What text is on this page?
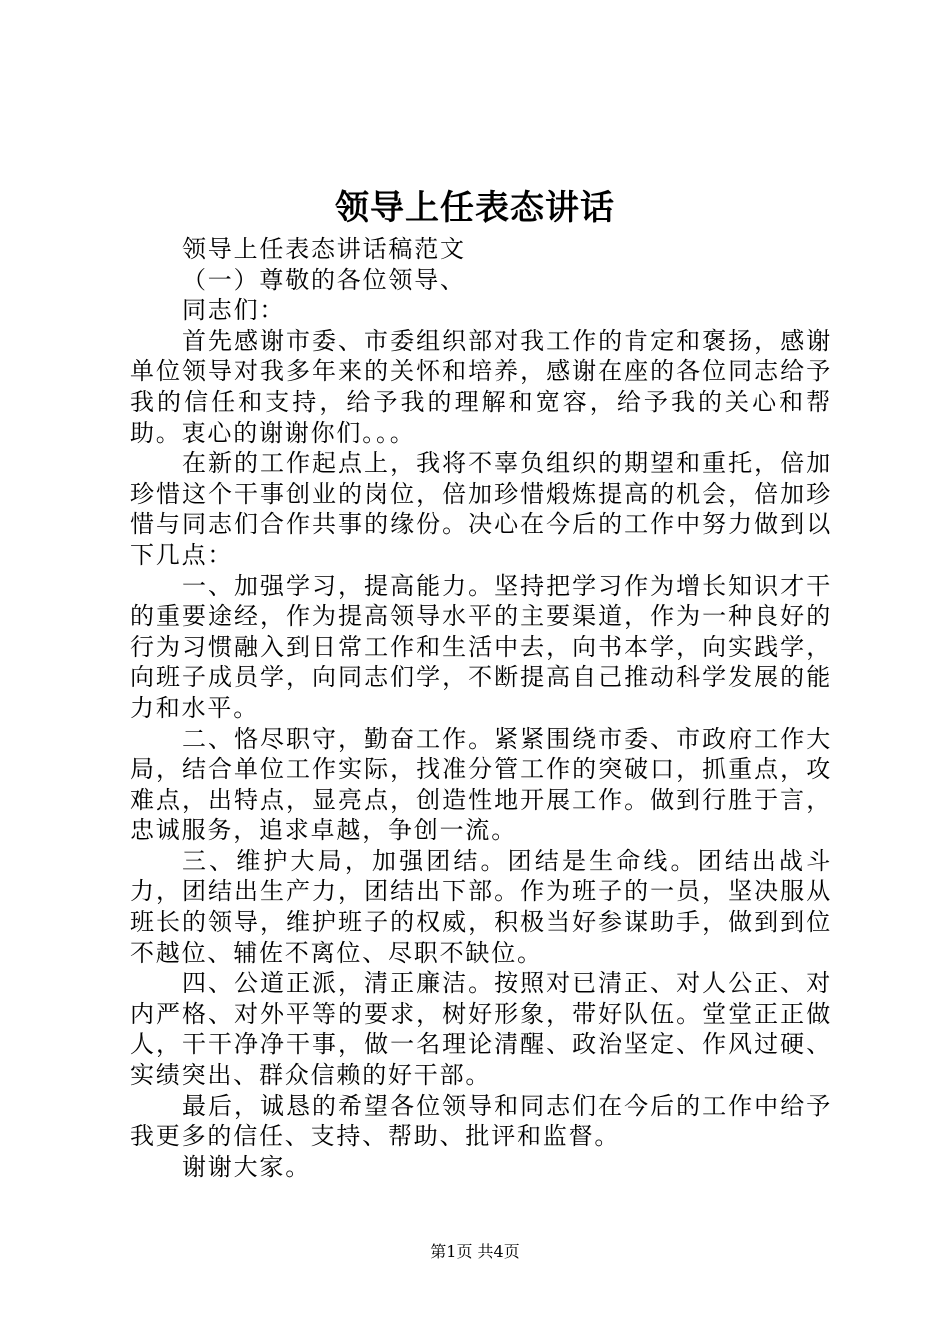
领导上任表态讲话

领导上任表态讲话稿范文

（一）尊敬的各位领导、

同志们：

首先感谢市委、市委组织部对我工作的肯定和褒扬，感谢单位领导对我多年来的关怀和培养，感谢在座的各位同志给予我的信任和支持，给予我的理解和宽容，给予我的关心和帮助。衷心的谢谢你们。。。

在新的工作起点上，我将不辜负组织的期望和重托，倍加珍惜这个干事创业的岗位，倍加珍惜煅炼提高的机会，倍加珍惜与同志们合作共事的缘份。决心在今后的工作中努力做到以下几点：

一、加强学习，提高能力。坚持把学习作为增长知识才干的重要途经，作为提高领导水平的主要渠道，作为一种良好的行为习惯融入到日常工作和生活中去，向书本学，向实践学，向班子成员学，向同志们学，不断提高自己推动科学发展的能力和水平。

二、恪尽职守，勤奋工作。紧紧围绕市委、市政府工作大局，结合单位工作实际，找准分管工作的突破口，抓重点，攻难点，出特点，显亮点，创造性地开展工作。做到行胜于言，忠诚服务，追求卓越，争创一流。

三、维护大局，加强团结。团结是生命线。团结出战斗力，团结出生产力，团结出下部。作为班子的一员，坚决服从班长的领导，维护班子的权威，积极当好参谋助手，做到到位不越位、辅佐不离位、尽职不缺位。

四、公道正派，清正廉洁。按照对已清正、对人公正、对内严格、对外平等的要求，树好形象，带好队伍。堂堂正正做人，干干净净干事，做一名理论清醒、政治坚定、作风过硬、实绩突出、群众信赖的好干部。

最后，诚恳的希望各位领导和同志们在今后的工作中给予我更多的信任、支持、帮助、批评和监督。

谢谢大家。

第1页 共4页
